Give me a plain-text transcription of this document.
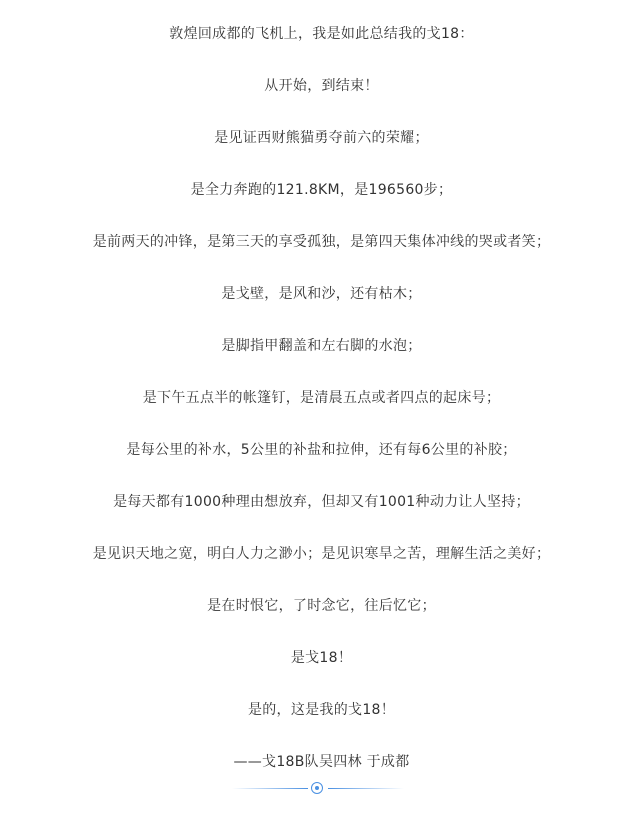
敦煌回成都的飞机上，我是如此总结我的戈18：

从开始，到结束！

是见证西财熊猫勇夺前六的荣耀；

是全力奔跑的121.8KM，是196560步；

是前两天的冲锋，是第三天的享受孤独，是第四天集体冲线的哭或者笑；

是戈壁，是风和沙，还有枯木；

是脚指甲翻盖和左右脚的水泡；

是下午五点半的帐篷钉，是清晨五点或者四点的起床号；

是每公里的补水，5公里的补盐和拉伸，还有每6公里的补胶；

是每天都有1000种理由想放弃，但却又有1001种动力让人坚持；

是见识天地之宽，明白人力之渺小；是见识寒旱之苦，理解生活之美好；

是在时恨它，了时念它，往后忆它；

是戈18！

是的，这是我的戈18！

——戈18B队吴四林 于成都
